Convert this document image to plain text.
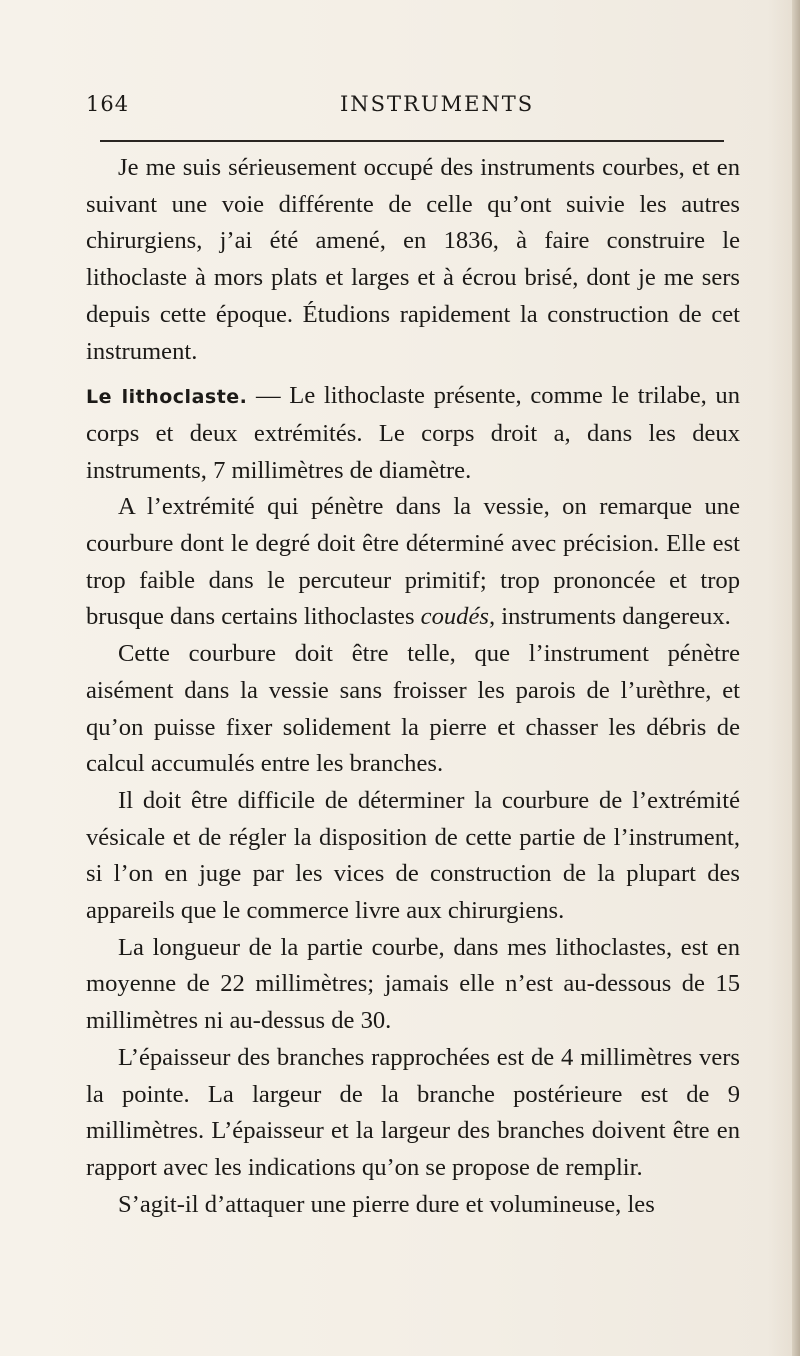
164	INSTRUMENTS

Je me suis sérieusement occupé des instruments courbes, et en suivant une voie différente de celle qu’ont suivie les autres chirurgiens, j’ai été amené, en 1836, à faire construire le lithoclaste à mors plats et larges et à écrou brisé, dont je me sers depuis cette époque. Étudions rapidement la construction de cet instrument.

Le lithoclaste. — Le lithoclaste présente, comme le trilabe, un corps et deux extrémités. Le corps droit a, dans les deux instruments, 7 millimètres de diamètre.

A l’extrémité qui pénètre dans la vessie, on remarque une courbure dont le degré doit être déterminé avec précision. Elle est trop faible dans le percuteur primitif; trop prononcée et trop brusque dans certains lithoclastes coudés, instruments dangereux.

Cette courbure doit être telle, que l’instrument pénètre aisément dans la vessie sans froisser les parois de l’urèthre, et qu’on puisse fixer solidement la pierre et chasser les débris de calcul accumulés entre les branches.

Il doit être difficile de déterminer la courbure de l’extrémité vésicale et de régler la disposition de cette partie de l’instrument, si l’on en juge par les vices de construction de la plupart des appareils que le commerce livre aux chirurgiens.

La longueur de la partie courbe, dans mes lithoclastes, est en moyenne de 22 millimètres; jamais elle n’est au-dessous de 15 millimètres ni au-dessus de 30.

L’épaisseur des branches rapprochées est de 4 millimètres vers la pointe. La largeur de la branche postérieure est de 9 millimètres. L’épaisseur et la largeur des branches doivent être en rapport avec les indications qu’on se propose de remplir.

S’agit-il d’attaquer une pierre dure et volumineuse, les
